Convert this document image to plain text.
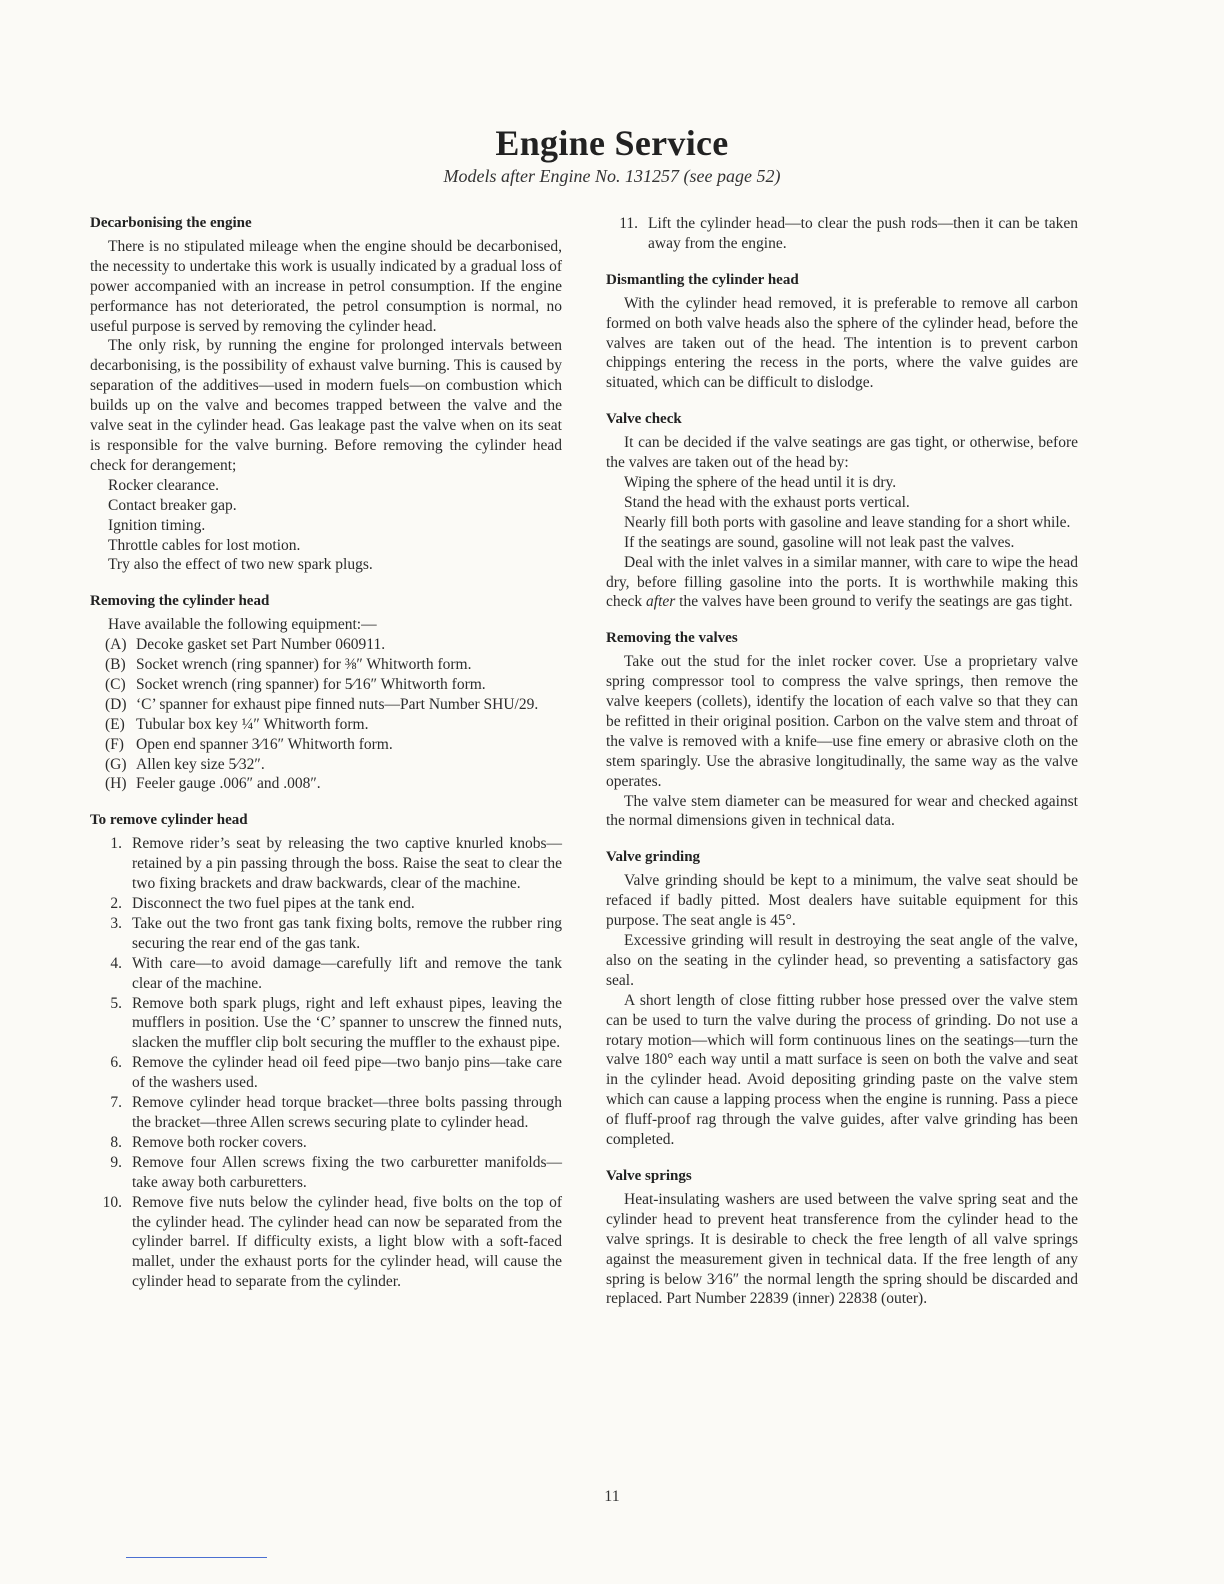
Engine Service
Models after Engine No. 131257 (see page 52)
Decarbonising the engine

There is no stipulated mileage when the engine should be decarbonised, the necessity to undertake this work is usually indicated by a gradual loss of power accompanied with an increase in petrol consumption. If the engine performance has not deteriorated, the petrol consumption is normal, no useful purpose is served by removing the cylinder head.

The only risk, by running the engine for prolonged intervals between decarbonising, is the possibility of exhaust valve burning. This is caused by separation of the additives—used in modern fuels—on combustion which builds up on the valve and becomes trapped between the valve and the valve seat in the cylinder head. Gas leakage past the valve when on its seat is responsible for the valve burning. Before removing the cylinder head check for derangement;

Rocker clearance.
Contact breaker gap.
Ignition timing.
Throttle cables for lost motion.
Try also the effect of two new spark plugs.
Removing the cylinder head
Have available the following equipment:—
(A) Decoke gasket set Part Number 060911.
(B) Socket wrench (ring spanner) for ⅜″ Whitworth form.
(C) Socket wrench (ring spanner) for 5⁄16″ Whitworth form.
(D) ‘C’ spanner for exhaust pipe finned nuts—Part Number SHU/29.
(E) Tubular box key ¼″ Whitworth form.
(F) Open end spanner 3⁄16″ Whitworth form.
(G) Allen key size 5⁄32″.
(H) Feeler gauge .006″ and .008″.
To remove cylinder head
1. Remove rider’s seat by releasing the two captive knurled knobs—retained by a pin passing through the boss. Raise the seat to clear the two fixing brackets and draw backwards, clear of the machine.
2. Disconnect the two fuel pipes at the tank end.
3. Take out the two front gas tank fixing bolts, remove the rubber ring securing the rear end of the gas tank.
4. With care—to avoid damage—carefully lift and remove the tank clear of the machine.
5. Remove both spark plugs, right and left exhaust pipes, leaving the mufflers in position. Use the ‘C’ spanner to unscrew the finned nuts, slacken the muffler clip bolt securing the muffler to the exhaust pipe.
6. Remove the cylinder head oil feed pipe—two banjo pins—take care of the washers used.
7. Remove cylinder head torque bracket—three bolts passing through the bracket—three Allen screws securing plate to cylinder head.
8. Remove both rocker covers.
9. Remove four Allen screws fixing the two carburetter manifolds—take away both carburetters.
10. Remove five nuts below the cylinder head, five bolts on the top of the cylinder head. The cylinder head can now be separated from the cylinder barrel. If difficulty exists, a light blow with a soft-faced mallet, under the exhaust ports for the cylinder head, will cause the cylinder head to separate from the cylinder.
11. Lift the cylinder head—to clear the push rods—then it can be taken away from the engine.
Dismantling the cylinder head

With the cylinder head removed, it is preferable to remove all carbon formed on both valve heads also the sphere of the cylinder head, before the valves are taken out of the head. The intention is to prevent carbon chippings entering the recess in the ports, where the valve guides are situated, which can be difficult to dislodge.

Valve check

It can be decided if the valve seatings are gas tight, or otherwise, before the valves are taken out of the head by:

Wiping the sphere of the head until it is dry.

Stand the head with the exhaust ports vertical.

Nearly fill both ports with gasoline and leave standing for a short while.

If the seatings are sound, gasoline will not leak past the valves.

Deal with the inlet valves in a similar manner, with care to wipe the head dry, before filling gasoline into the ports. It is worthwhile making this check after the valves have been ground to verify the seatings are gas tight.

Removing the valves

Take out the stud for the inlet rocker cover. Use a proprietary valve spring compressor tool to compress the valve springs, then remove the valve keepers (collets), identify the location of each valve so that they can be refitted in their original position. Carbon on the valve stem and throat of the valve is removed with a knife—use fine emery or abrasive cloth on the stem sparingly. Use the abrasive longitudinally, the same way as the valve operates.

The valve stem diameter can be measured for wear and checked against the normal dimensions given in technical data.

Valve grinding

Valve grinding should be kept to a minimum, the valve seat should be refaced if badly pitted. Most dealers have suitable equipment for this purpose. The seat angle is 45°.

Excessive grinding will result in destroying the seat angle of the valve, also on the seating in the cylinder head, so preventing a satisfactory gas seal.

A short length of close fitting rubber hose pressed over the valve stem can be used to turn the valve during the process of grinding. Do not use a rotary motion—which will form continuous lines on the seatings—turn the valve 180° each way until a matt surface is seen on both the valve and seat in the cylinder head. Avoid depositing grinding paste on the valve stem which can cause a lapping process when the engine is running. Pass a piece of fluff-proof rag through the valve guides, after valve grinding has been completed.

Valve springs

Heat-insulating washers are used between the valve spring seat and the cylinder head to prevent heat transference from the cylinder head to the valve springs. It is desirable to check the free length of all valve springs against the measurement given in technical data. If the free length of any spring is below 3⁄16″ the normal length the spring should be discarded and replaced. Part Number 22839 (inner) 22838 (outer).

11
